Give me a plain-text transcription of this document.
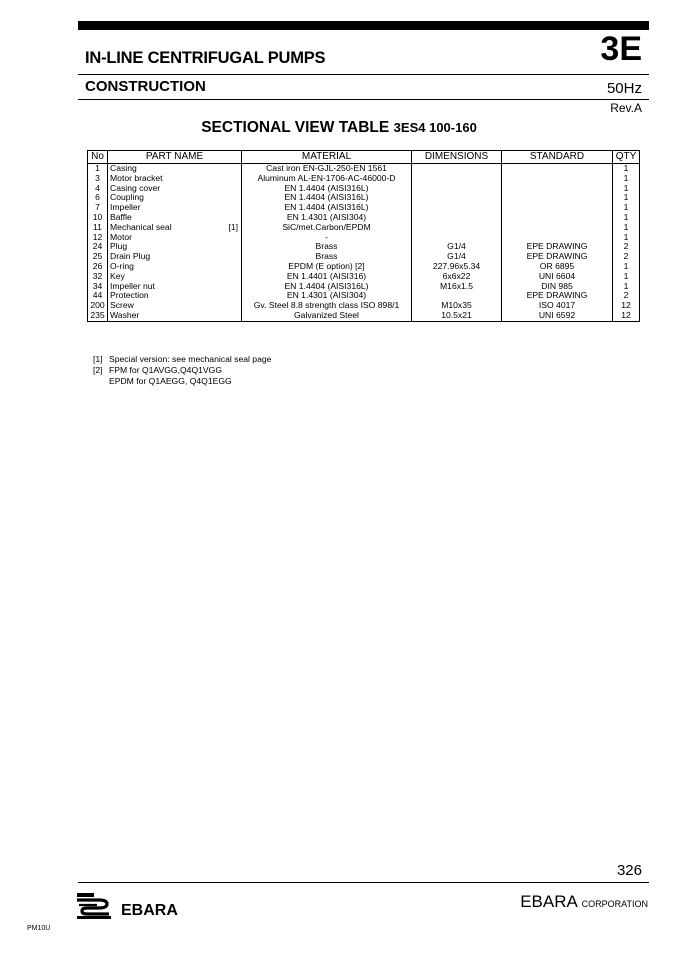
IN-LINE CENTRIFUGAL PUMPS	3E
CONSTRUCTION	50Hz
Rev.A
SECTIONAL VIEW TABLE 3ES4 100-160
No	PART NAME	MATERIAL	DIMENSIONS	STANDARD	QTY
1	Casing	Cast iron EN-GJL-250-EN 1561			1
3	Motor bracket	Aluminum AL-EN-1706-AC-46000-D			1
4	Casing cover	EN 1.4404 (AISI316L)			1
6	Coupling	EN 1.4404 (AISI316L)			1
7	Impeller	EN 1.4404 (AISI316L)			1
10	Baffle	EN 1.4301 (AISI304)			1
11	Mechanical seal [1]	SiC/met.Carbon/EPDM			1
12	Motor	-			1
24	Plug	Brass	G1/4	EPE DRAWING	2
25	Drain Plug	Brass	G1/4	EPE DRAWING	2
26	O-ring	EPDM (E option) [2]	227.96x5.34	OR 6895	1
32	Key	EN 1.4401 (AISI316)	6x6x22	UNI 6604	1
34	Impeller nut	EN 1.4404 (AISI316L)	M16x1.5	DIN 985	1
44	Protection	EN 1.4301 (AISI304)		EPE DRAWING	2
200	Screw	Gv. Steel 8.8 strength class ISO 898/1	M10x35	ISO 4017	12
235	Washer	Galvanized Steel	10.5x21	UNI 6592	12
[1] Special version: see mechanical seal page
[2] FPM for Q1AVGG,Q4Q1VGG
EPDM for Q1AEGG, Q4Q1EGG
326
EBARA	EBARA CORPORATION
PM10U
